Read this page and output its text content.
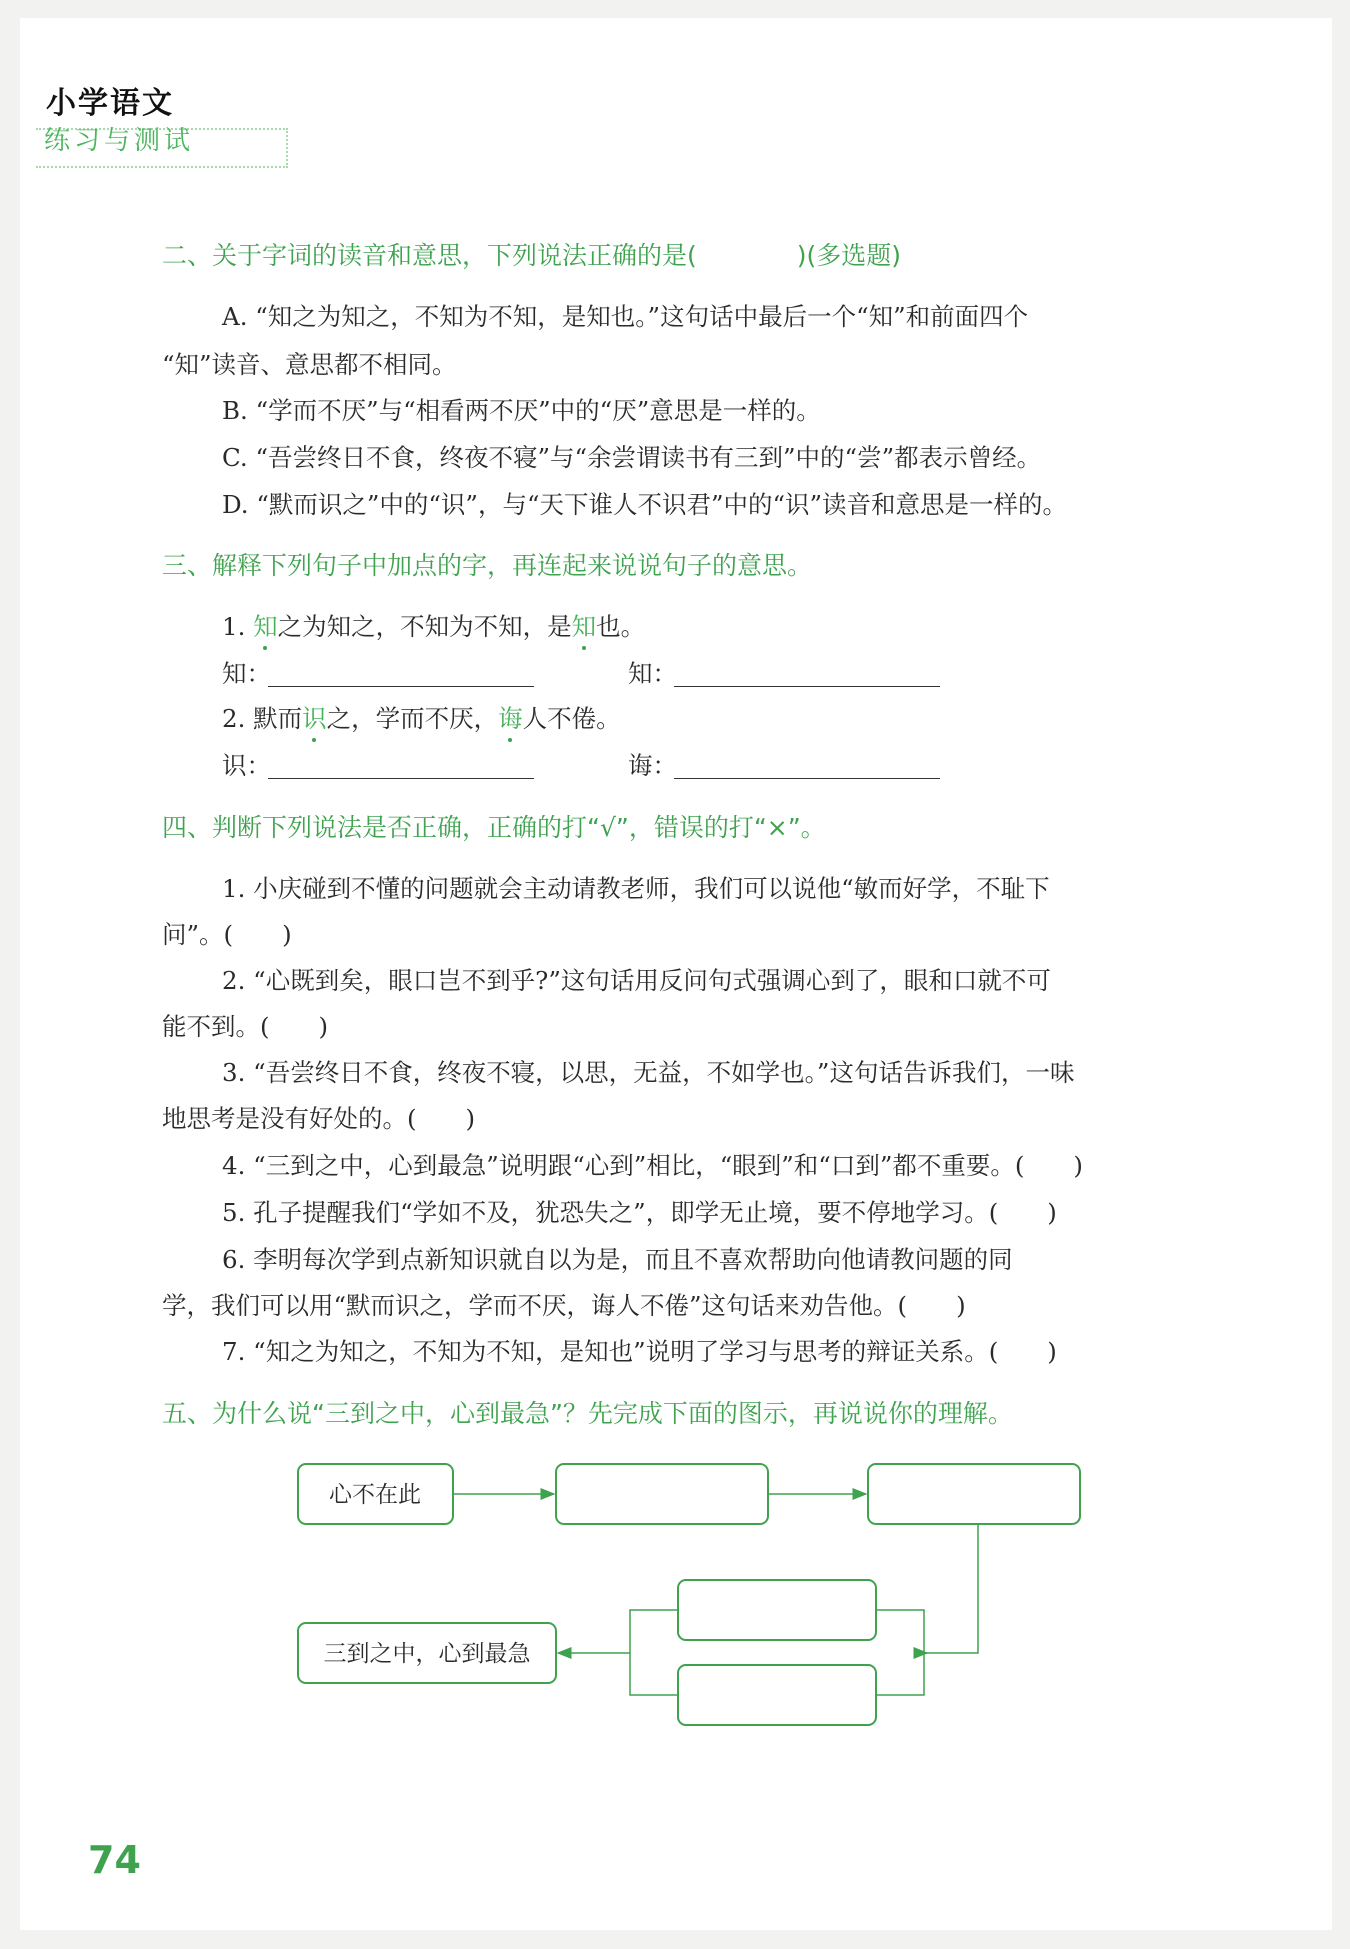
小学语文
练习与测试
二、关于字词的读音和意思，下列说法正确的是(　　　　)(多选题)
A. “知之为知之，不知为不知，是知也。”这句话中最后一个“知”和前面四个
“知”读音、意思都不相同。
B. “学而不厌”与“相看两不厌”中的“厌”意思是一样的。
C. “吾尝终日不食，终夜不寝”与“余尝谓读书有三到”中的“尝”都表示曾经。
D. “默而识之”中的“识”，与“天下谁人不识君”中的“识”读音和意思是一样的。
三、解释下列句子中加点的字，再连起来说说句子的意思。
1. 知之为知之，不知为不知，是知也。
知：	知：
2. 默而识之，学而不厌，诲人不倦。
识：	诲：
四、判断下列说法是否正确，正确的打“√”，错误的打“×”。
1. 小庆碰到不懂的问题就会主动请教老师，我们可以说他“敏而好学，不耻下
问”。(　　)
2. “心既到矣，眼口岂不到乎?”这句话用反问句式强调心到了，眼和口就不可
能不到。(　　)
3. “吾尝终日不食，终夜不寝，以思，无益，不如学也。”这句话告诉我们，一味
地思考是没有好处的。(　　)
4. “三到之中，心到最急”说明跟“心到”相比，“眼到”和“口到”都不重要。(　　)
5. 孔子提醒我们“学如不及，犹恐失之”，即学无止境，要不停地学习。(　　)
6. 李明每次学到点新知识就自以为是，而且不喜欢帮助向他请教问题的同
学，我们可以用“默而识之，学而不厌，诲人不倦”这句话来劝告他。(　　)
7. “知之为知之，不知为不知，是知也”说明了学习与思考的辩证关系。(　　)
五、为什么说“三到之中，心到最急”？先完成下面的图示，再说说你的理解。
心不在此
三到之中，心到最急
74
